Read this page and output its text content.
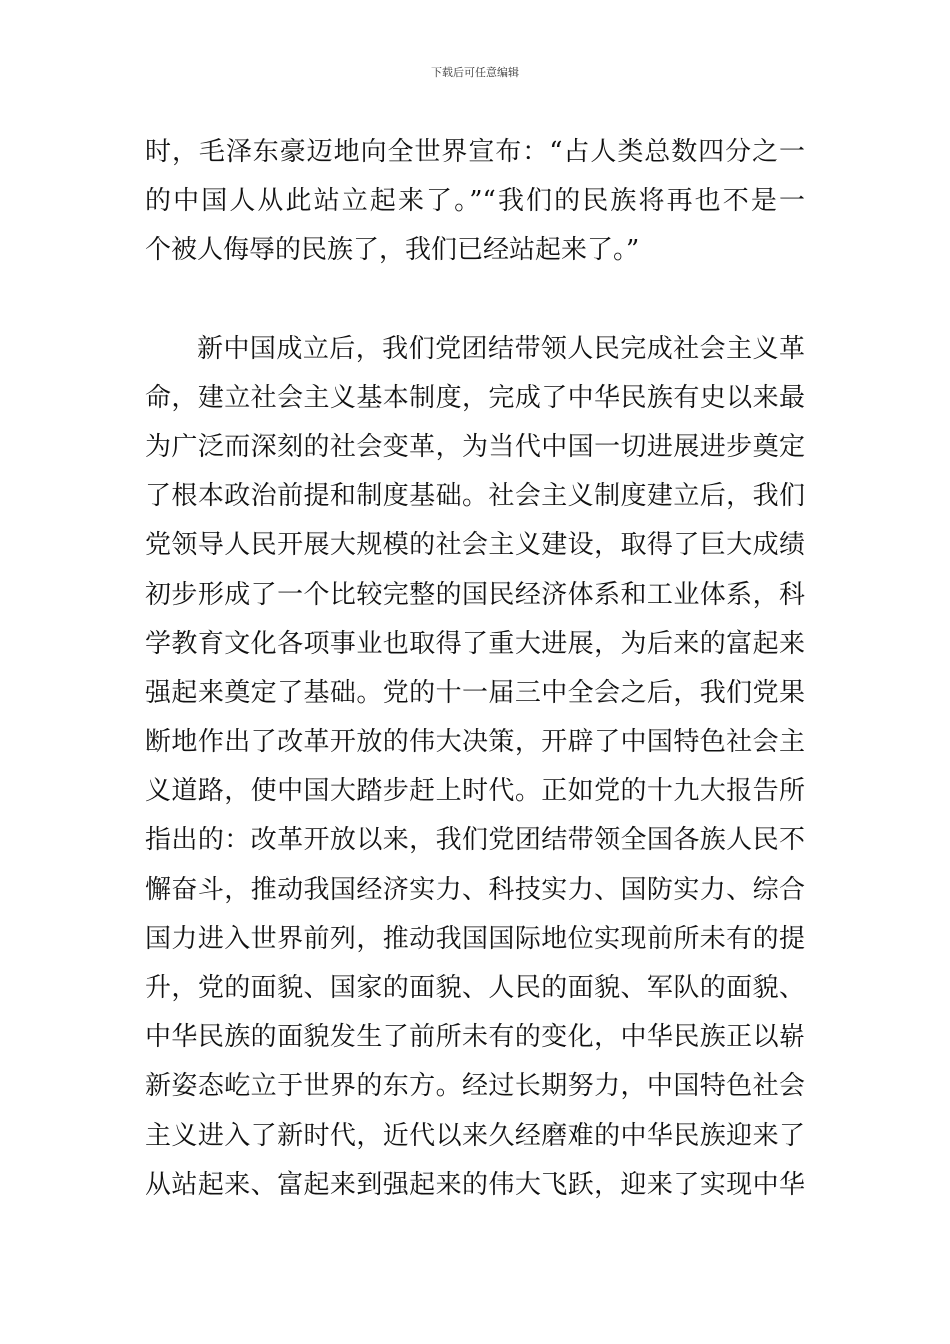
下载后可任意编辑
时，毛泽东豪迈地向全世界宣布：“占人类总数四分之一
的中国人从此站立起来了。”“我们的民族将再也不是一
个被人侮辱的民族了，我们已经站起来了。”
新中国成立后，我们党团结带领人民完成社会主义革
命，建立社会主义基本制度，完成了中华民族有史以来最
为广泛而深刻的社会变革，为当代中国一切进展进步奠定
了根本政治前提和制度基础。社会主义制度建立后，我们
党领导人民开展大规模的社会主义建设，取得了巨大成绩
初步形成了一个比较完整的国民经济体系和工业体系，科
学教育文化各项事业也取得了重大进展，为后来的富起来
强起来奠定了基础。党的十一届三中全会之后，我们党果
断地作出了改革开放的伟大决策，开辟了中国特色社会主
义道路，使中国大踏步赶上时代。正如党的十九大报告所
指出的：改革开放以来，我们党团结带领全国各族人民不
懈奋斗，推动我国经济实力、科技实力、国防实力、综合
国力进入世界前列，推动我国国际地位实现前所未有的提
升，党的面貌、国家的面貌、人民的面貌、军队的面貌、
中华民族的面貌发生了前所未有的变化，中华民族正以崭
新姿态屹立于世界的东方。经过长期努力，中国特色社会
主义进入了新时代，近代以来久经磨难的中华民族迎来了
从站起来、富起来到强起来的伟大飞跃，迎来了实现中华
